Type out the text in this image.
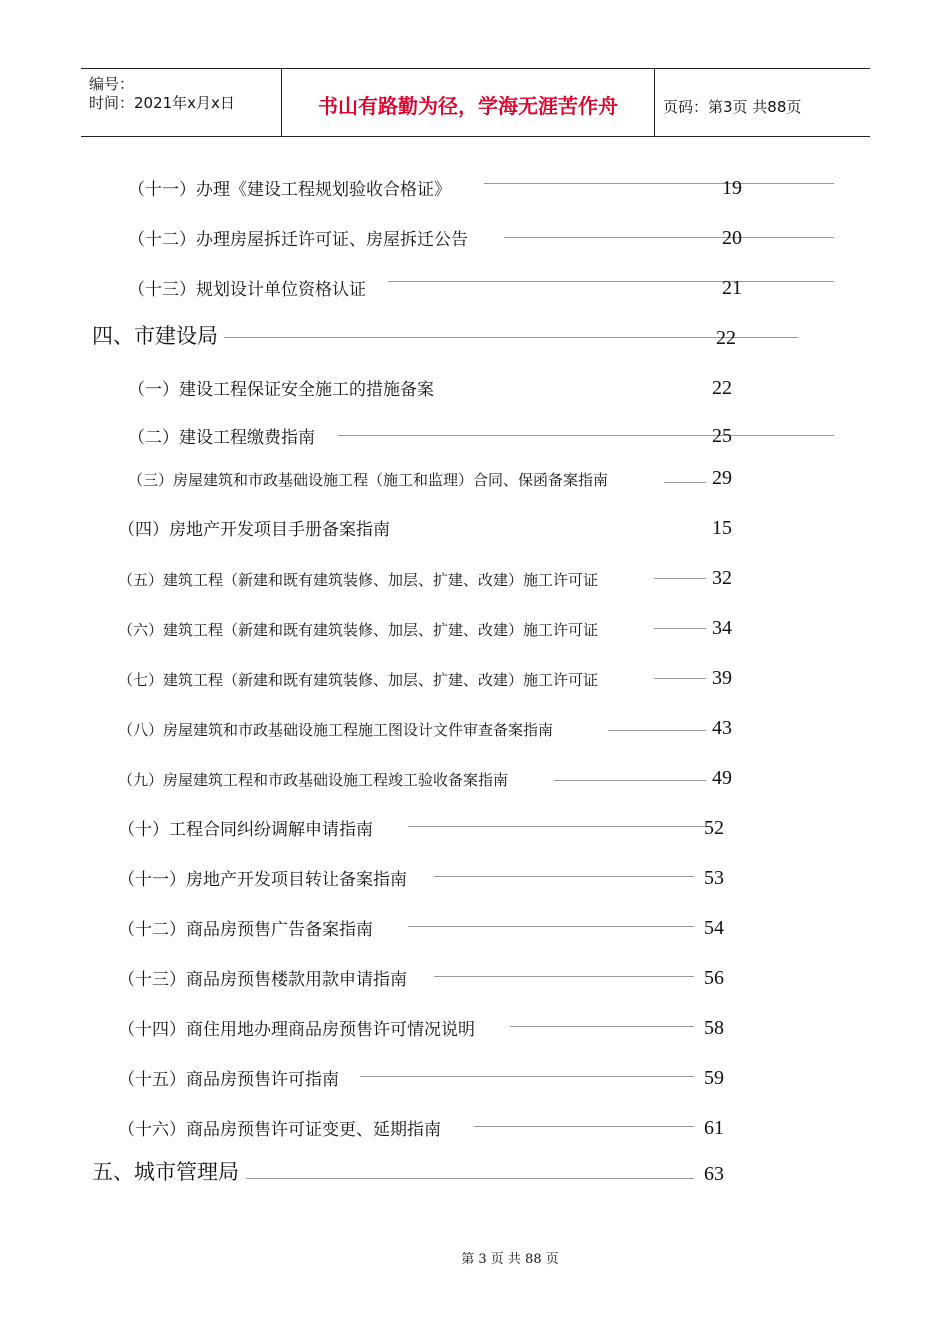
编号：
时间：2021年x月x日	书山有路勤为径，学海无涯苦作舟	页码：第3页 共88页
（十一）办理《建设工程规划验收合格证》	19
（十二）办理房屋拆迁许可证、房屋拆迁公告	20
（十三）规划设计单位资格认证	21
四、市建设局	22
（一）建设工程保证安全施工的措施备案	22
（二）建设工程缴费指南	25
（三）房屋建筑和市政基础设施工程（施工和监理）合同、保函备案指南	29
（四）房地产开发项目手册备案指南	15
（五）建筑工程（新建和既有建筑装修、加层、扩建、改建）施工许可证	32
（六）建筑工程（新建和既有建筑装修、加层、扩建、改建）施工许可证	34
（七）建筑工程（新建和既有建筑装修、加层、扩建、改建）施工许可证	39
（八）房屋建筑和市政基础设施工程施工图设计文件审查备案指南	43
（九）房屋建筑工程和市政基础设施工程竣工验收备案指南	49
（十）工程合同纠纷调解申请指南	52
（十一）房地产开发项目转让备案指南	53
（十二）商品房预售广告备案指南	54
（十三）商品房预售楼款用款申请指南	56
（十四）商住用地办理商品房预售许可情况说明	58
（十五）商品房预售许可指南	59
（十六）商品房预售许可证变更、延期指南	61
五、城市管理局	63
第 3 页 共 88 页
